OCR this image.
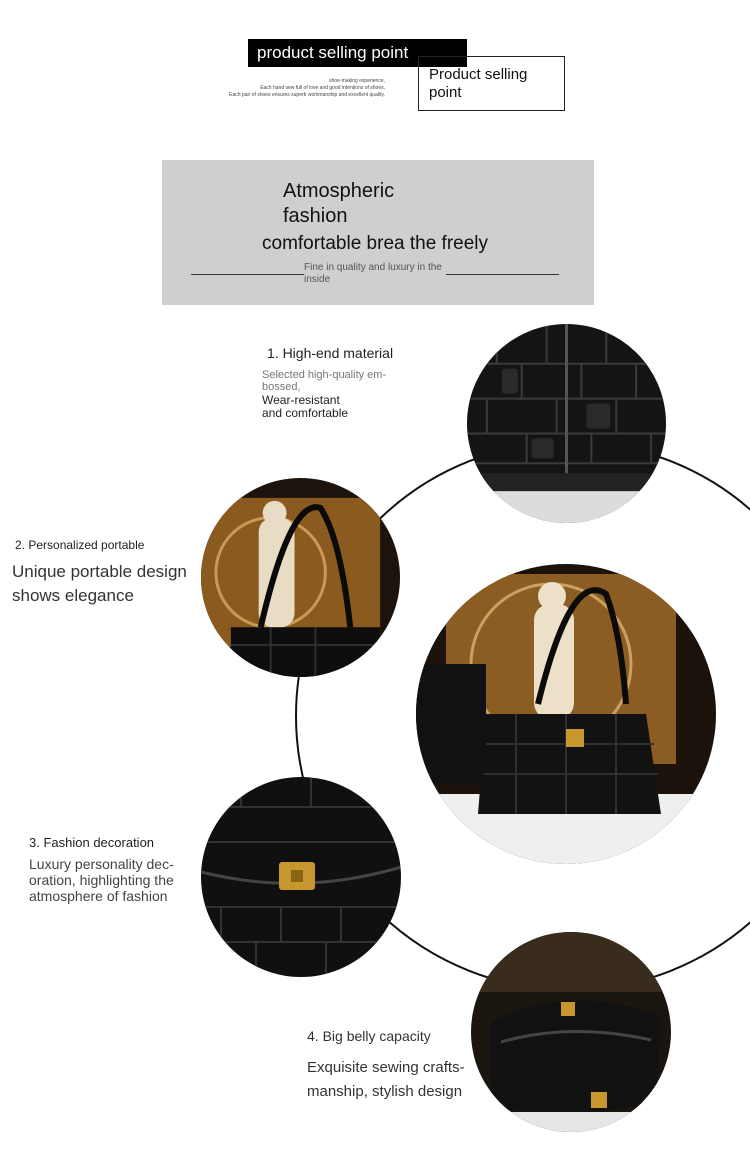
product selling point
shoe-making experience,
Each hand sew full of love and good intentions of shoes,
Each pair of shoes ensures superb workmanship and excellent quality.
Product selling point
Atmospheric
fashion
comfortable brea the freely
Fine in quality and luxury in the inside
1. High-end material
Selected high-quality em- bossed,
Wear-resistant and comfortable
2. Personalized portable
Unique portable design
shows elegance
3. Fashion decoration
Luxury personality dec-
oration, highlighting the
atmosphere of fashion
4. Big belly capacity
Exquisite sewing crafts-
manship, stylish design
